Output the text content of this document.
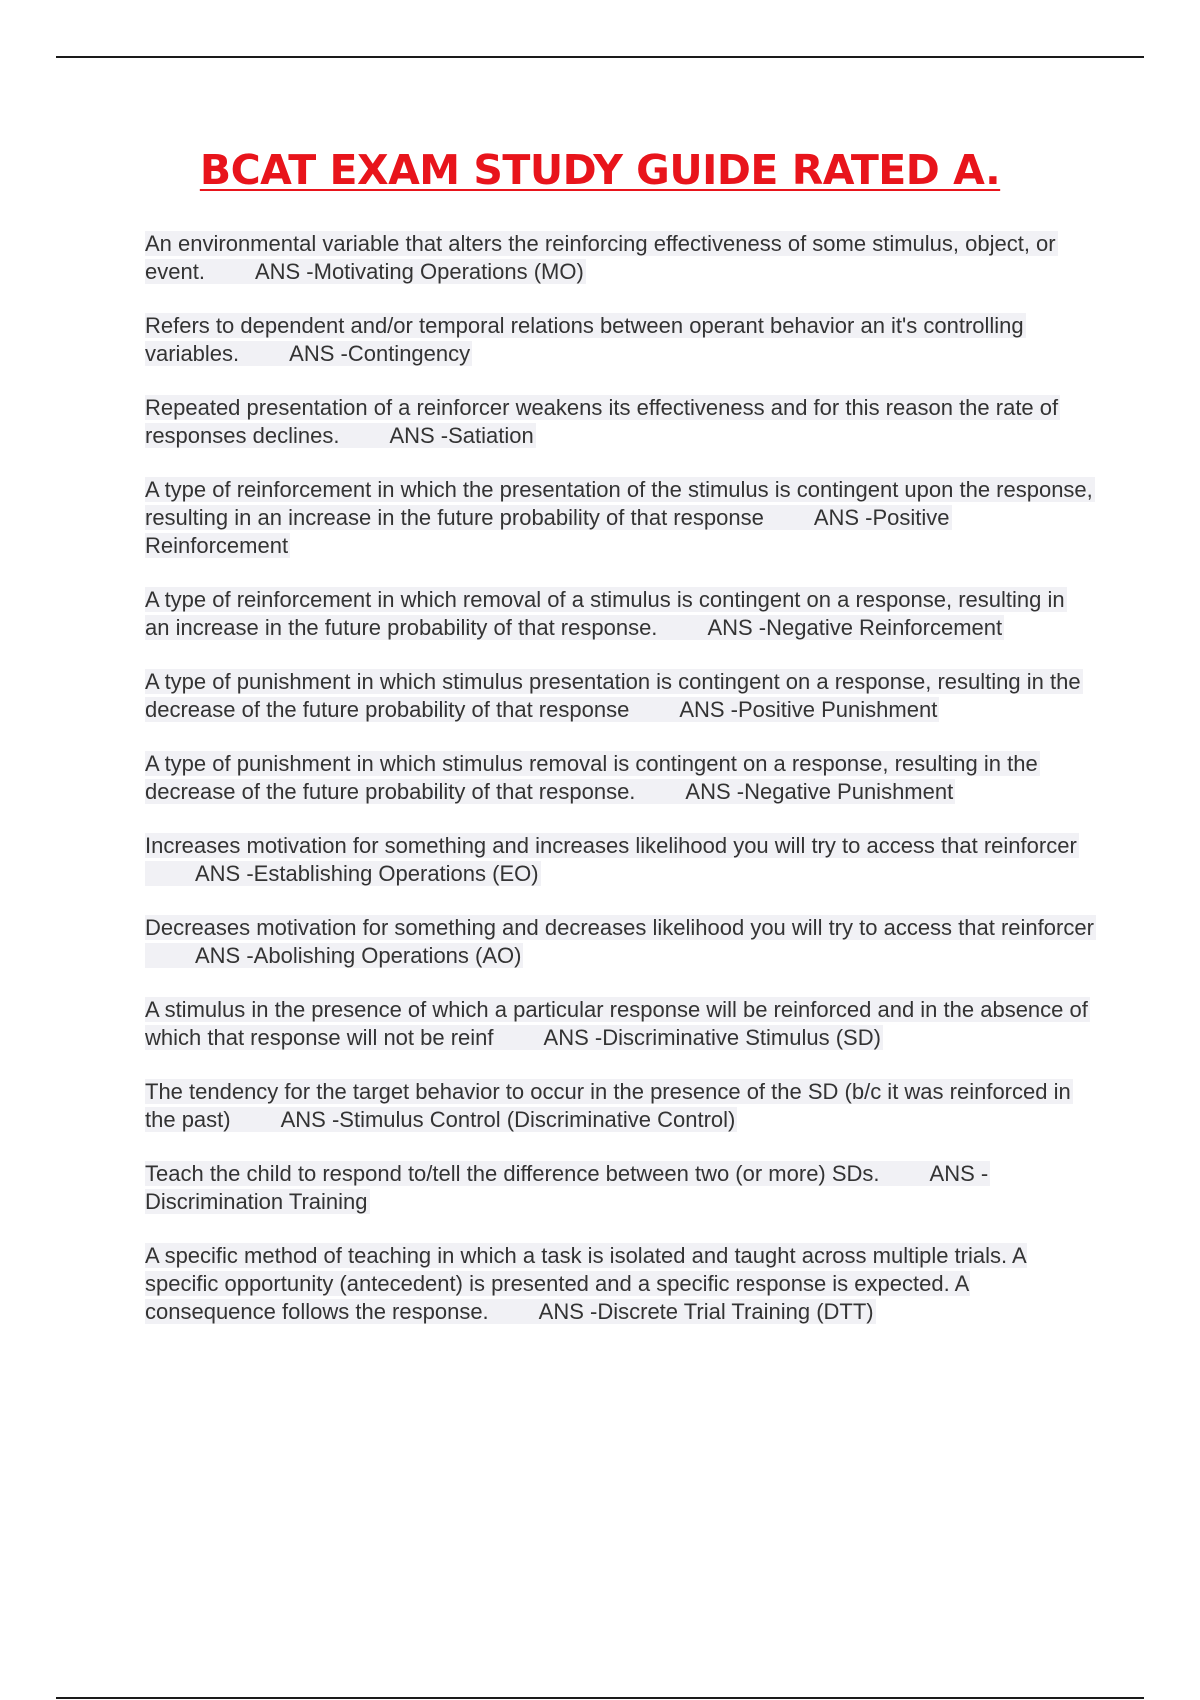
BCAT EXAM STUDY GUIDE RATED A.
An environmental variable that alters the reinforcing effectiveness of some stimulus, object, or event. ANS -Motivating Operations (MO)
Refers to dependent and/or temporal relations between operant behavior an it's controlling variables. ANS -Contingency
Repeated presentation of a reinforcer weakens its effectiveness and for this reason the rate of responses declines. ANS -Satiation
A type of reinforcement in which the presentation of the stimulus is contingent upon the response, resulting in an increase in the future probability of that response ANS -Positive Reinforcement
A type of reinforcement in which removal of a stimulus is contingent on a response, resulting in an increase in the future probability of that response. ANS -Negative Reinforcement
A type of punishment in which stimulus presentation is contingent on a response, resulting in the decrease of the future probability of that response ANS -Positive Punishment
A type of punishment in which stimulus removal is contingent on a response, resulting in the decrease of the future probability of that response. ANS -Negative Punishment
Increases motivation for something and increases likelihood you will try to access that reinforcerANS -Establishing Operations (EO)
Decreases motivation for something and decreases likelihood you will try to access that reinforcerANS -Abolishing Operations (AO)
A stimulus in the presence of which a particular response will be reinforced and in the absence of which that response will not be reinf ANS -Discriminative Stimulus (SD)
The tendency for the target behavior to occur in the presence of the SD (b/c it was reinforced in the past) ANS -Stimulus Control (Discriminative Control)
Teach the child to respond to/tell the difference between two (or more) SDs. ANS -Discrimination Training
A specific method of teaching in which a task is isolated and taught across multiple trials. A specific opportunity (antecedent) is presented and a specific response is expected. A consequence follows the response. ANS -Discrete Trial Training (DTT)
